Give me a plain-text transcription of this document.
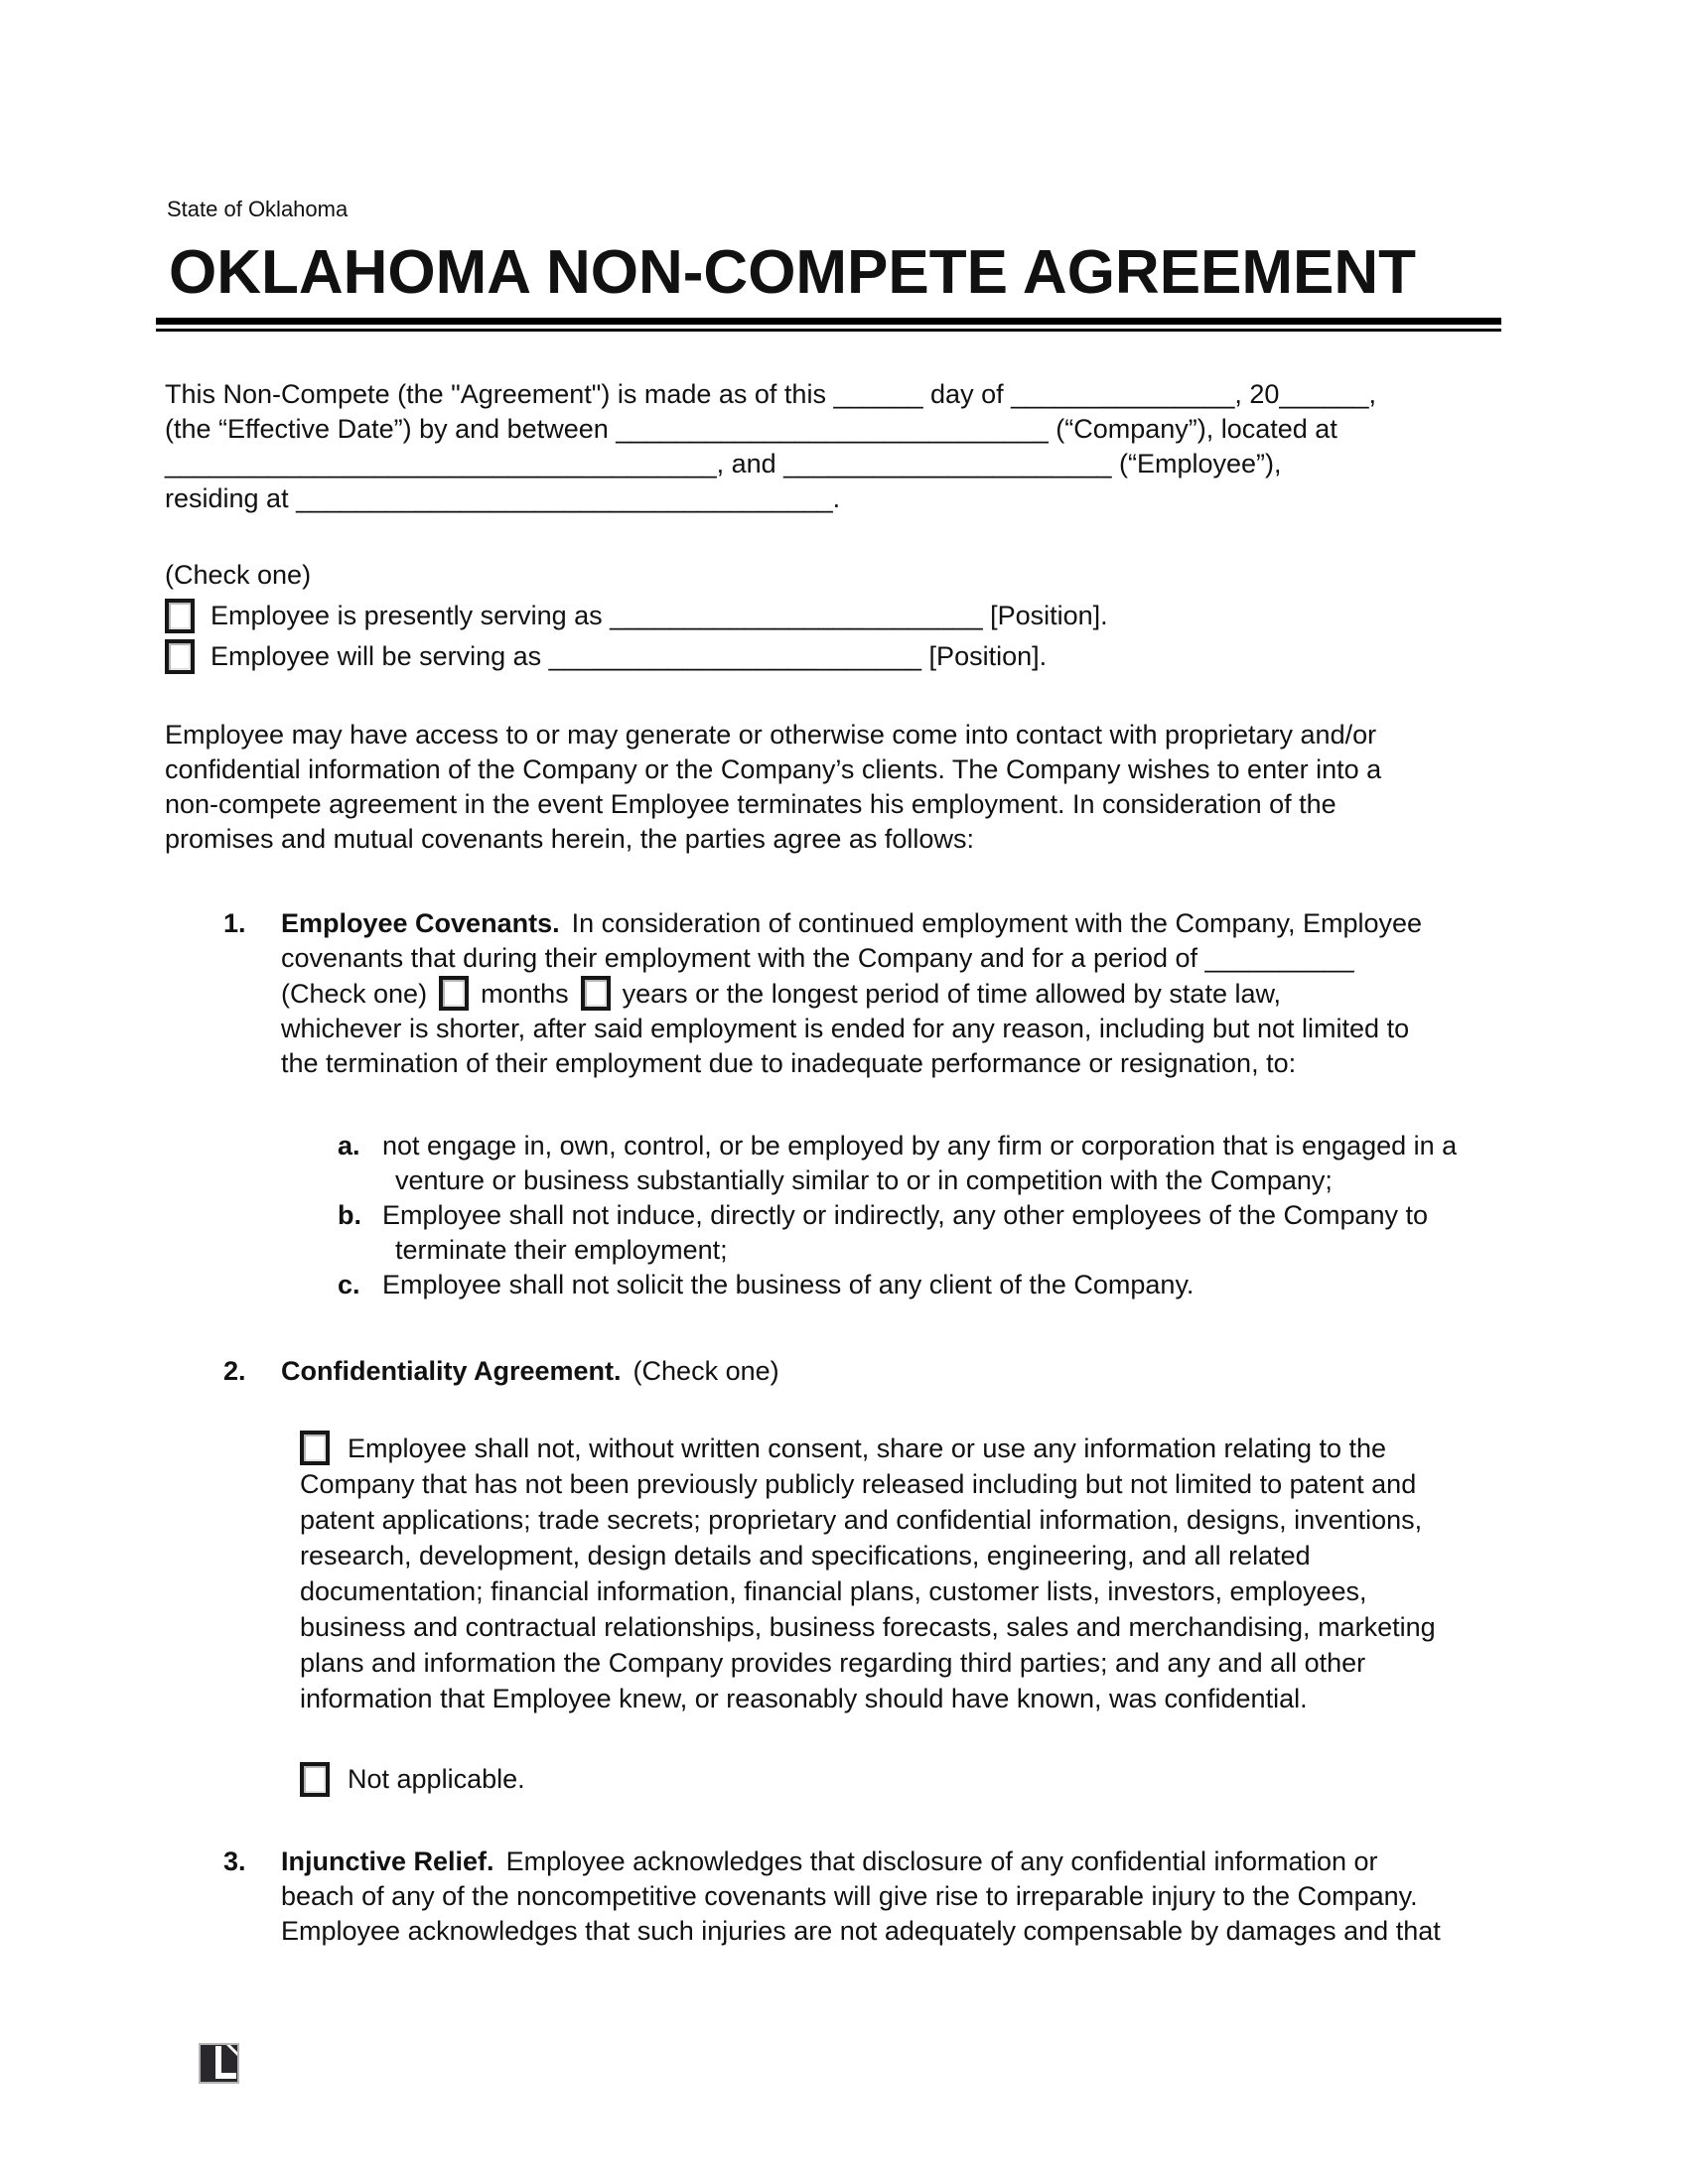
State of Oklahoma
OKLAHOMA NON-COMPETE AGREEMENT
This Non-Compete (the "Agreement") is made as of this ______ day of _______________, 20______,
(the “Effective Date”) by and between _____________________________ (“Company”), located at
_____________________________________, and ______________________ (“Employee”),
residing at ____________________________________.
(Check one)
Employee is presently serving as _________________________ [Position].
Employee will be serving as _________________________ [Position].
Employee may have access to or may generate or otherwise come into contact with proprietary and/or
confidential information of the Company or the Company’s clients. The Company wishes to enter into a
non-compete agreement in the event Employee terminates his employment. In consideration of the
promises and mutual covenants herein, the parties agree as follows:
1.	Employee Covenants. In consideration of continued employment with the Company, Employee
covenants that during their employment with the Company and for a period of __________
(Check one) months years or the longest period of time allowed by state law,
whichever is shorter, after said employment is ended for any reason, including but not limited to
the termination of their employment due to inadequate performance or resignation, to:
a. not engage in, own, control, or be employed by any firm or corporation that is engaged in a
venture or business substantially similar to or in competition with the Company;
b. Employee shall not induce, directly or indirectly, any other employees of the Company to
terminate their employment;
c. Employee shall not solicit the business of any client of the Company.
2.	Confidentiality Agreement. (Check one)
Employee shall not, without written consent, share or use any information relating to the
Company that has not been previously publicly released including but not limited to patent and
patent applications; trade secrets; proprietary and confidential information, designs, inventions,
research, development, design details and specifications, engineering, and all related
documentation; financial information, financial plans, customer lists, investors, employees,
business and contractual relationships, business forecasts, sales and merchandising, marketing
plans and information the Company provides regarding third parties; and any and all other
information that Employee knew, or reasonably should have known, was confidential.
Not applicable.
3.	Injunctive Relief. Employee acknowledges that disclosure of any confidential information or
beach of any of the noncompetitive covenants will give rise to irreparable injury to the Company.
Employee acknowledges that such injuries are not adequately compensable by damages and that
